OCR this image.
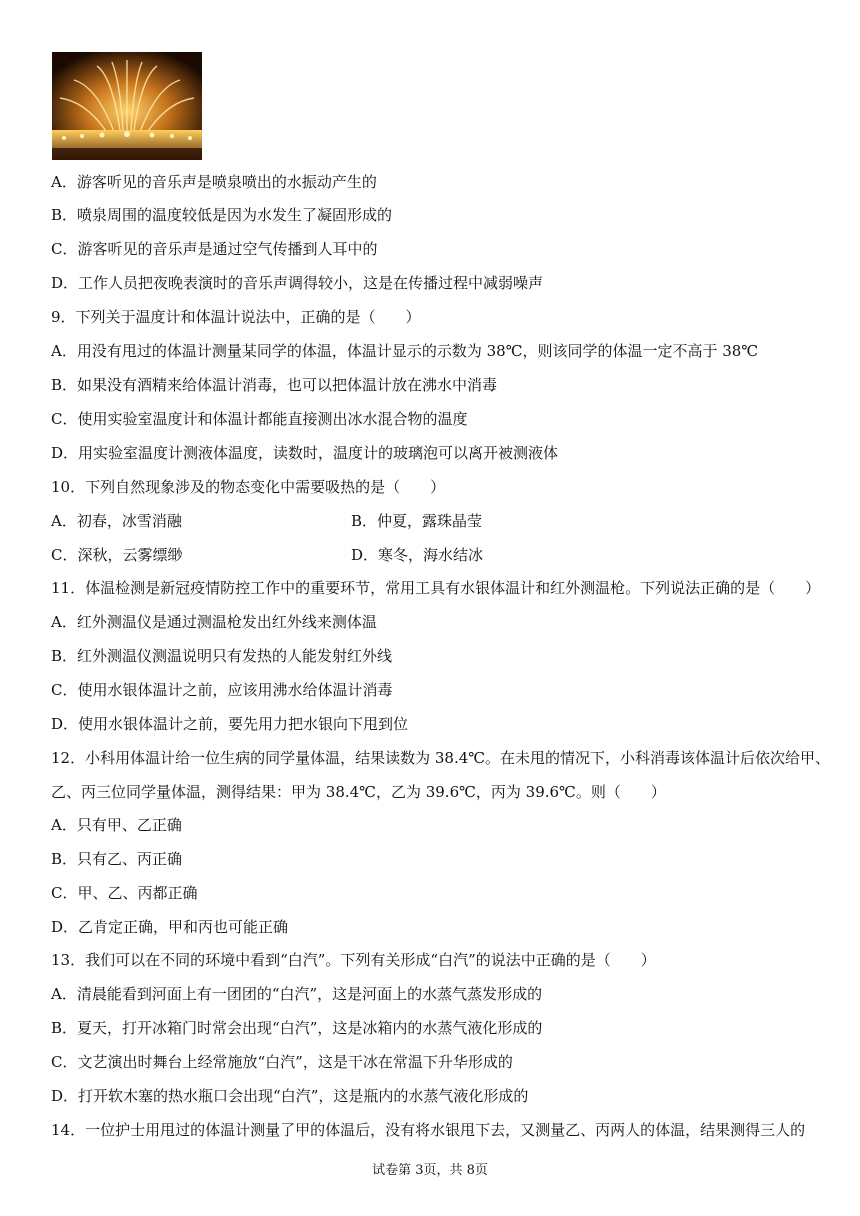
A．游客听见的音乐声是喷泉喷出的水振动产生的
B．喷泉周围的温度较低是因为水发生了凝固形成的
C．游客听见的音乐声是通过空气传播到人耳中的
D．工作人员把夜晚表演时的音乐声调得较小，这是在传播过程中减弱噪声
9．下列关于温度计和体温计说法中，正确的是（　　）
A．用没有甩过的体温计测量某同学的体温，体温计显示的示数为 38℃，则该同学的体温一定不高于 38℃
B．如果没有酒精来给体温计消毒，也可以把体温计放在沸水中消毒
C．使用实验室温度计和体温计都能直接测出冰水混合物的温度
D．用实验室温度计测液体温度，读数时，温度计的玻璃泡可以离开被测液体
10．下列自然现象涉及的物态变化中需要吸热的是（　　）
A．初春，冰雪消融	B．仲夏，露珠晶莹
C．深秋，云雾缥缈	D．寒冬，海水结冰
11．体温检测是新冠疫情防控工作中的重要环节，常用工具有水银体温计和红外测温枪。下列说法正确的是（　　）
A．红外测温仪是通过测温枪发出红外线来测体温
B．红外测温仪测温说明只有发热的人能发射红外线
C．使用水银体温计之前，应该用沸水给体温计消毒
D．使用水银体温计之前，要先用力把水银向下甩到位
12．小科用体温计给一位生病的同学量体温，结果读数为 38.4℃。在未甩的情况下，小科消毒该体温计后依次给甲、
乙、丙三位同学量体温，测得结果：甲为 38.4℃，乙为 39.6℃，丙为 39.6℃。则（　　）
A．只有甲、乙正确
B．只有乙、丙正确
C．甲、乙、丙都正确
D．乙肯定正确，甲和丙也可能正确
13．我们可以在不同的环境中看到“白汽”。下列有关形成“白汽”的说法中正确的是（　　）
A．清晨能看到河面上有一团团的“白汽”，这是河面上的水蒸气蒸发形成的
B．夏天，打开冰箱门时常会出现“白汽”，这是冰箱内的水蒸气液化形成的
C．文艺演出时舞台上经常施放“白汽”，这是干冰在常温下升华形成的
D．打开软木塞的热水瓶口会出现“白汽”，这是瓶内的水蒸气液化形成的
14．一位护士用甩过的体温计测量了甲的体温后，没有将水银甩下去，又测量乙、丙两人的体温，结果测得三人的
试卷第 3页，共 8页
